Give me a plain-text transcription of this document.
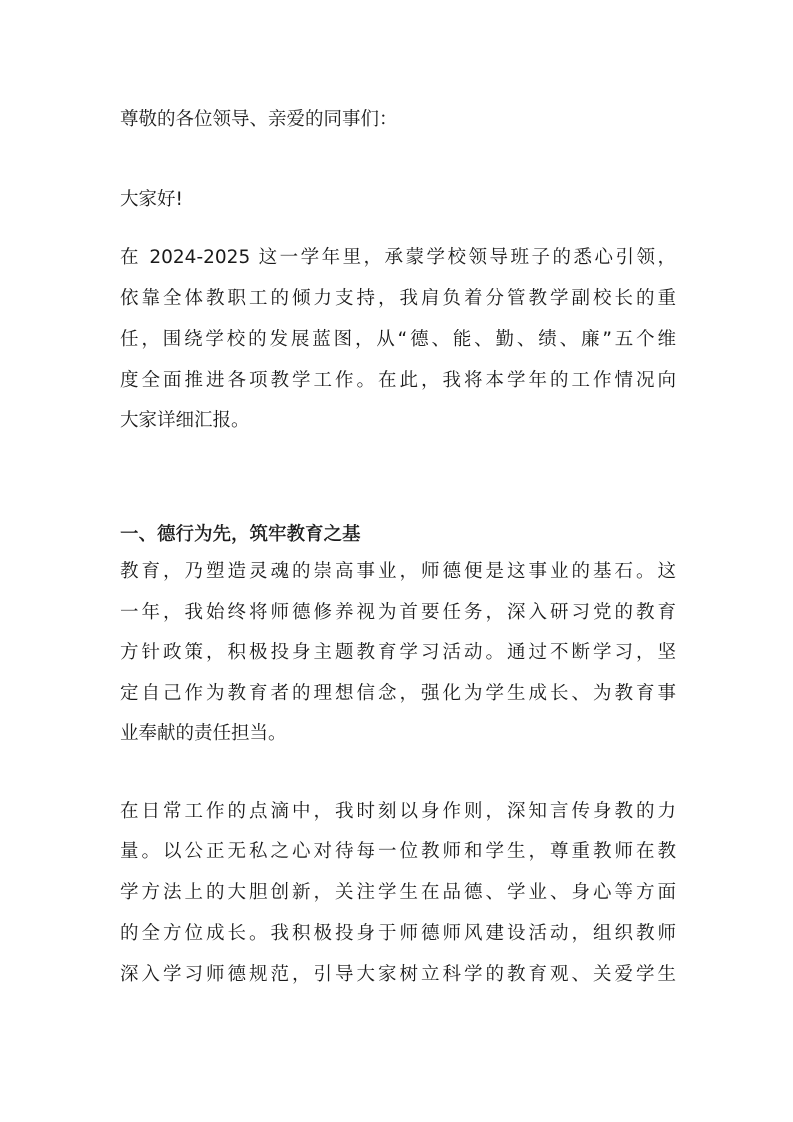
尊敬的各位领导、亲爱的同事们：
大家好!
在 2024-2025 这一学年里，承蒙学校领导班子的悉心引领，
依靠全体教职工的倾力支持，我肩负着分管教学副校长的重
任，围绕学校的发展蓝图，从“德、能、勤、绩、廉”五个维
度全面推进各项教学工作。在此，我将本学年的工作情况向
大家详细汇报。
一、德行为先，筑牢教育之基
教育，乃塑造灵魂的崇高事业，师德便是这事业的基石。这
一年，我始终将师德修养视为首要任务，深入研习党的教育
方针政策，积极投身主题教育学习活动。通过不断学习，坚
定自己作为教育者的理想信念，强化为学生成长、为教育事
业奉献的责任担当。
在日常工作的点滴中，我时刻以身作则，深知言传身教的力
量。以公正无私之心对待每一位教师和学生，尊重教师在教
学方法上的大胆创新，关注学生在品德、学业、身心等方面
的全方位成长。我积极投身于师德师风建设活动，组织教师
深入学习师德规范，引导大家树立科学的教育观、关爱学生
